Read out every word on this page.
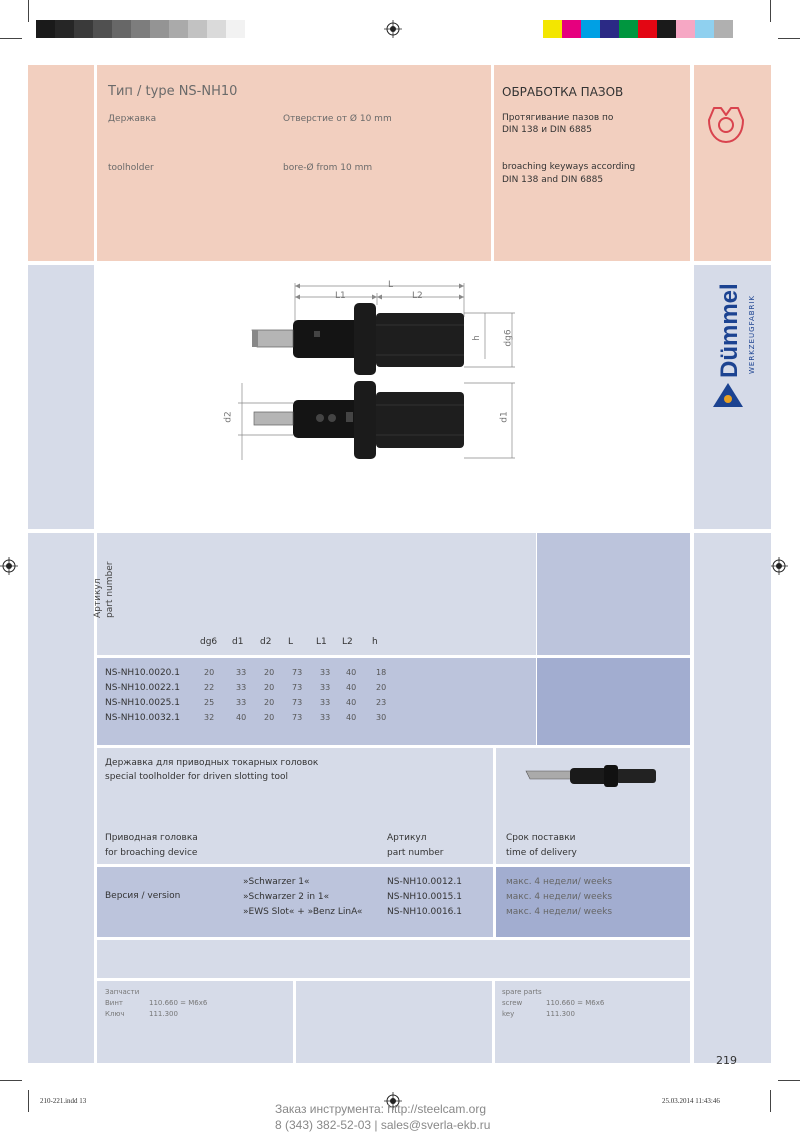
Тип / type NS-NH10
Державка	Отверстие от Ø 10 mm
toolholder	bore-Ø from 10 mm
ОБРАБОТКА ПАЗОВ
Протягивание пазов по
DIN 138 и DIN 6885
broaching keyways according
DIN 138 and DIN 6885
L
L1	L2
h dg6
d1
d2
Dümmel WERKZEUGFABRIK
Артикул part number
dg6 d1 d2 L	L1 L2 h
NS-NH10.0020.1	20	33 20 73 33 40 18
NS-NH10.0022.1	22	33 20 73 33 40 20
NS-NH10.0025.1	25	33 20 73 33 40 23
NS-NH10.0032.1	32	40 20 73 33 40 30
Державка для приводных токарных головок
special toolholder for driven slotting tool
Приводная головка
for broaching device
Артикул
part number
Срок поставки
time of delivery
Версия / version
»Schwarzer 1«	NS-NH10.0012.1	макс. 4 недели/ weeks
»Schwarzer 2 in 1«	NS-NH10.0015.1	макс. 4 недели/ weeks
»EWS Slot« + »Benz LinA«	NS-NH10.0016.1	макс. 4 недели/ weeks
Запчасти
Винт	110.660 = M6x6
Ключ	111.300
spare parts
screw	110.660 = M6x6
key	111.300
219
210-221.indd 13	25.03.2014 11:43:46
Заказ инструмента: http://steelcam.org
8 (343) 382-52-03 | sales@sverla-ekb.ru
